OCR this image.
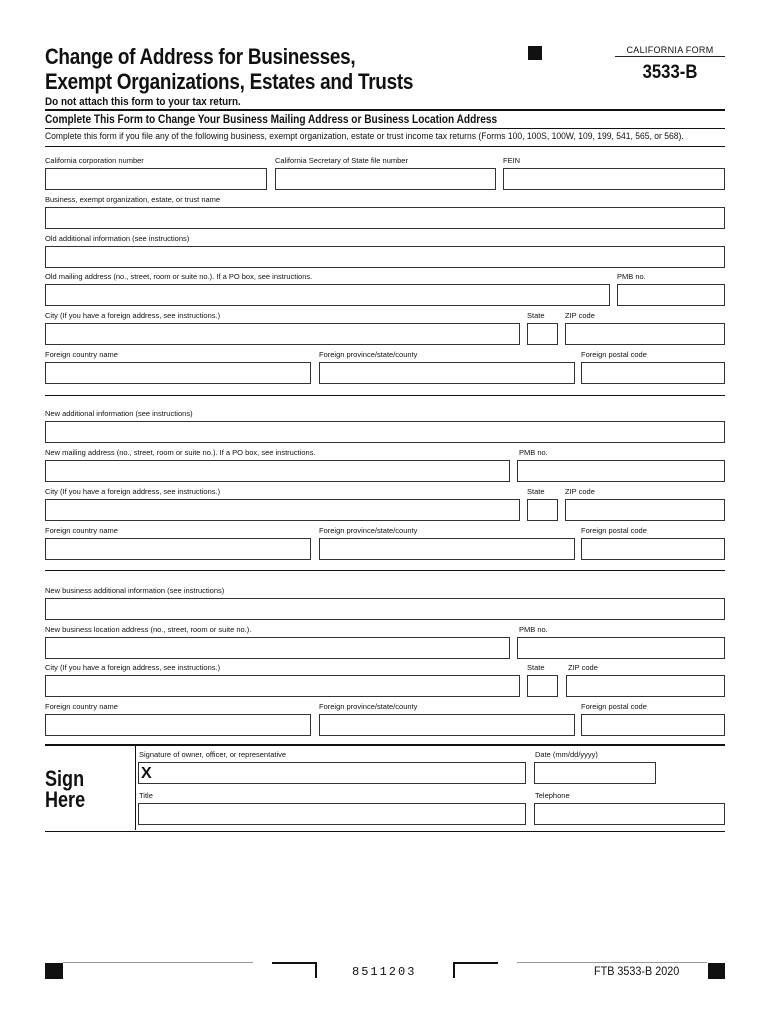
Change of Address for Businesses,
Exempt Organizations, Estates and Trusts
Do not attach this form to your tax return.
CALIFORNIA FORM
3533-B
Complete This Form to Change Your Business Mailing Address or Business Location Address
Complete this form if you file any of the following business, exempt organization, estate or trust income tax returns (Forms 100, 100S, 100W, 109, 199, 541, 565, or 568).
California corporation number	California Secretary of State file number	FEIN
Business, exempt organization, estate, or trust name
Old additional information (see instructions)
Old mailing address (no., street, room or suite no.). If a PO box, see instructions.	PMB no.
City (If you have a foreign address, see instructions.)	State	ZIP code
Foreign country name	Foreign province/state/county	Foreign postal code
New additional information (see instructions)
New mailing address (no., street, room or suite no.). If a PO box, see instructions.	PMB no.
City (If you have a foreign address, see instructions.)	State	ZIP code
Foreign country name	Foreign province/state/county	Foreign postal code
New business additional information (see instructions)
New business location address (no., street, room or suite no.).	PMB no.
City (If you have a foreign address, see instructions.)	State	ZIP code
Foreign country name	Foreign province/state/county	Foreign postal code
Sign
Here
Signature of owner, officer, or representative
X
Date (mm/dd/yyyy)
Title	Telephone
8511203	FTB 3533-B 2020
